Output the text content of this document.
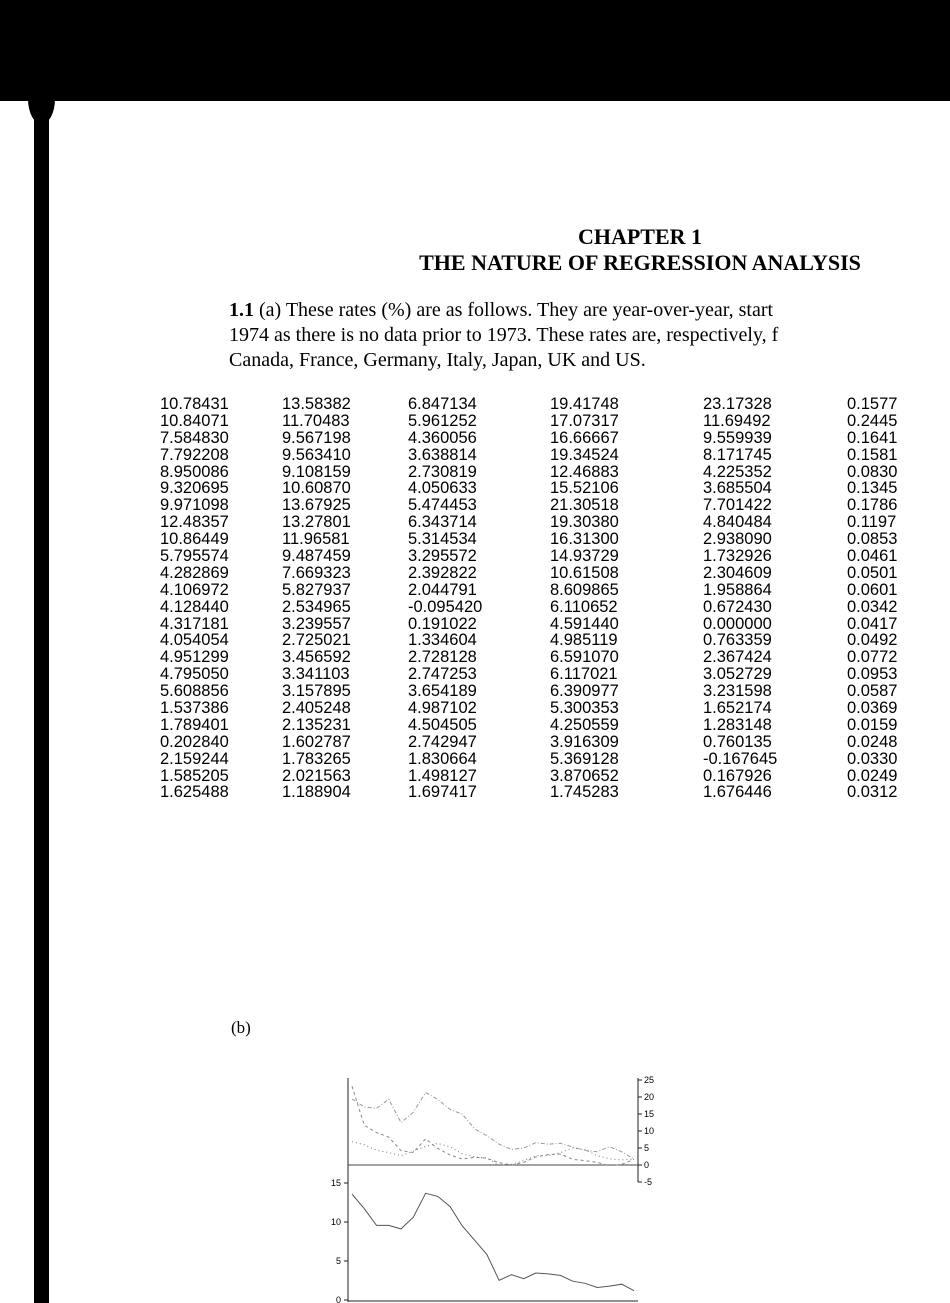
CHAPTER 1
THE NATURE OF REGRESSION ANALYSIS

1.1 (a) These rates (%) are as follows. They are year-over-year, start

1974 as there is no data prior to 1973. These rates are, respectively, f

Canada, France, Germany, Italy, Japan, UK and US.

10.78431	13.58382	6.847134	19.41748	23.17328	0.1577
10.84071	11.70483	5.961252	17.07317	11.69492	0.2445
7.584830	9.567198	4.360056	16.66667	9.559939	0.1641
7.792208	9.563410	3.638814	19.34524	8.171745	0.1581
8.950086	9.108159	2.730819	12.46883	4.225352	0.0830
9.320695	10.60870	4.050633	15.52106	3.685504	0.1345
9.971098	13.67925	5.474453	21.30518	7.701422	0.1786
12.48357	13.27801	6.343714	19.30380	4.840484	0.1197
10.86449	11.96581	5.314534	16.31300	2.938090	0.0853
5.795574	9.487459	3.295572	14.93729	1.732926	0.0461
4.282869	7.669323	2.392822	10.61508	2.304609	0.0501
4.106972	5.827937	2.044791	8.609865	1.958864	0.0601
4.128440	2.534965	-0.095420	6.110652	0.672430	0.0342
4.317181	3.239557	0.191022	4.591440	0.000000	0.0417
4.054054	2.725021	1.334604	4.985119	0.763359	0.0492
4.951299	3.456592	2.728128	6.591070	2.367424	0.0772
4.795050	3.341103	2.747253	6.117021	3.052729	0.0953
5.608856	3.157895	3.654189	6.390977	3.231598	0.0587
1.537386	2.405248	4.987102	5.300353	1.652174	0.0369
1.789401	2.135231	4.504505	4.250559	1.283148	0.0159
0.202840	1.602787	2.742947	3.916309	0.760135	0.0248
2.159244	1.783265	1.830664	5.369128	-0.167645	0.0330
1.585205	2.021563	1.498127	3.870652	0.167926	0.0249
1.625488	1.188904	1.697417	1.745283	1.676446	0.0312
(b)
15
10
5
0
25
20
15
10
5
0
-5
